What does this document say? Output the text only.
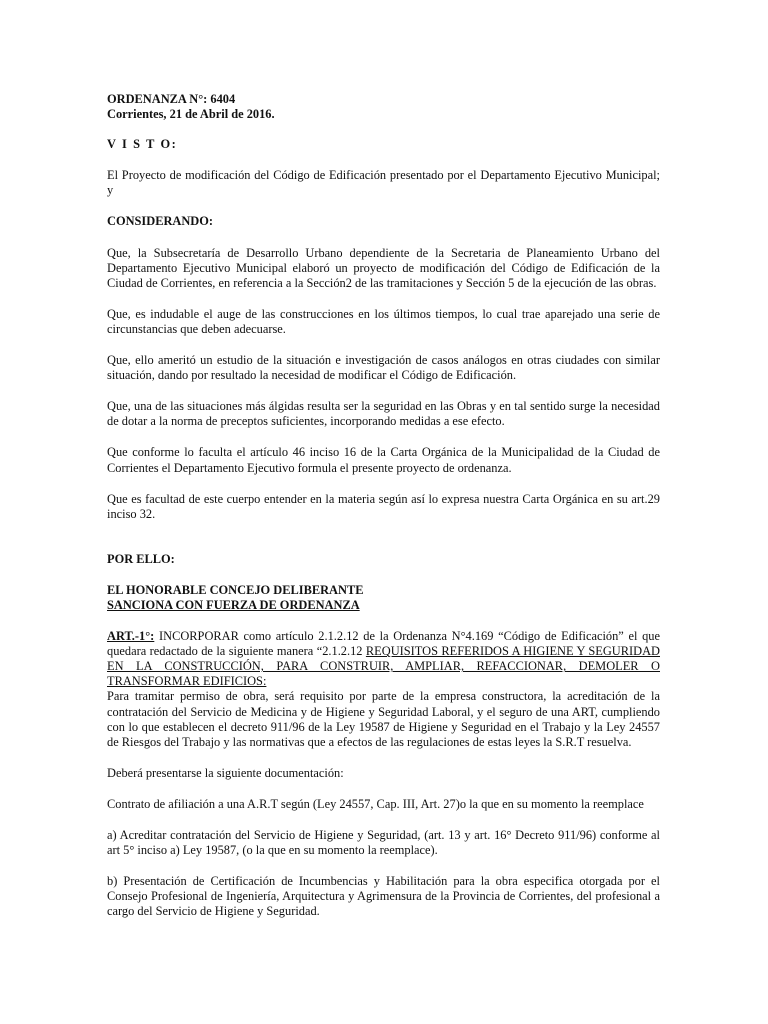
ORDENANZA N°: 6404
Corrientes, 21 de Abril de 2016.

V I S T O:

El Proyecto de modificación del Código de Edificación presentado por el Departamento Ejecutivo Municipal; y

CONSIDERANDO:

Que, la Subsecretaría de Desarrollo Urbano dependiente de la Secretaria de Planeamiento Urbano del Departamento Ejecutivo Municipal elaboró un proyecto de modificación del Código de Edificación de la Ciudad de Corrientes, en referencia a la Sección2 de las tramitaciones y Sección 5 de la ejecución de las obras.

Que, es indudable el auge de las construcciones en los últimos tiempos, lo cual trae aparejado una serie de circunstancias que deben adecuarse.

Que, ello ameritó un estudio de la situación e investigación de casos análogos en otras ciudades con similar situación, dando por resultado la necesidad de modificar el Código de Edificación.

Que, una de las situaciones más álgidas resulta ser la seguridad en las Obras y en tal sentido surge la necesidad de dotar a la norma de preceptos suficientes, incorporando medidas a ese efecto.

Que conforme lo faculta el artículo 46 inciso 16 de la Carta Orgánica de la Municipalidad de la Ciudad de Corrientes el Departamento Ejecutivo formula el presente proyecto de ordenanza.

Que es facultad de este cuerpo entender en la materia según así lo expresa nuestra Carta Orgánica en su art.29 inciso 32.

POR ELLO:

EL HONORABLE CONCEJO DELIBERANTE
SANCIONA CON FUERZA DE ORDENANZA

ART.-1°: INCORPORAR como artículo 2.1.2.12 de la Ordenanza N°4.169 “Código de Edificación” el que quedara redactado de la siguiente manera “2.1.2.12 REQUISITOS REFERIDOS A HIGIENE Y SEGURIDAD EN LA CONSTRUCCIÓN, PARA CONSTRUIR, AMPLIAR, REFACCIONAR, DEMOLER O TRANSFORMAR EDIFICIOS:

Para tramitar permiso de obra, será requisito por parte de la empresa constructora, la acreditación de la contratación del Servicio de Medicina y de Higiene y Seguridad Laboral, y el seguro de una ART, cumpliendo con lo que establecen el decreto 911/96 de la Ley 19587 de Higiene y Seguridad en el Trabajo y la Ley 24557 de Riesgos del Trabajo y las normativas que a efectos de las regulaciones de estas leyes la S.R.T resuelva.

Deberá presentarse la siguiente documentación:

Contrato de afiliación a una A.R.T según (Ley 24557, Cap. III, Art. 27)o la que en su momento la reemplace

a) Acreditar contratación del Servicio de Higiene y Seguridad, (art. 13 y art. 16° Decreto 911/96) conforme al art 5° inciso a) Ley 19587, (o la que en su momento la reemplace).

b) Presentación de Certificación de Incumbencias y Habilitación para la obra especifica otorgada por el Consejo Profesional de Ingeniería, Arquitectura y Agrimensura de la Provincia de Corrientes, del profesional a cargo del Servicio de Higiene y Seguridad.
